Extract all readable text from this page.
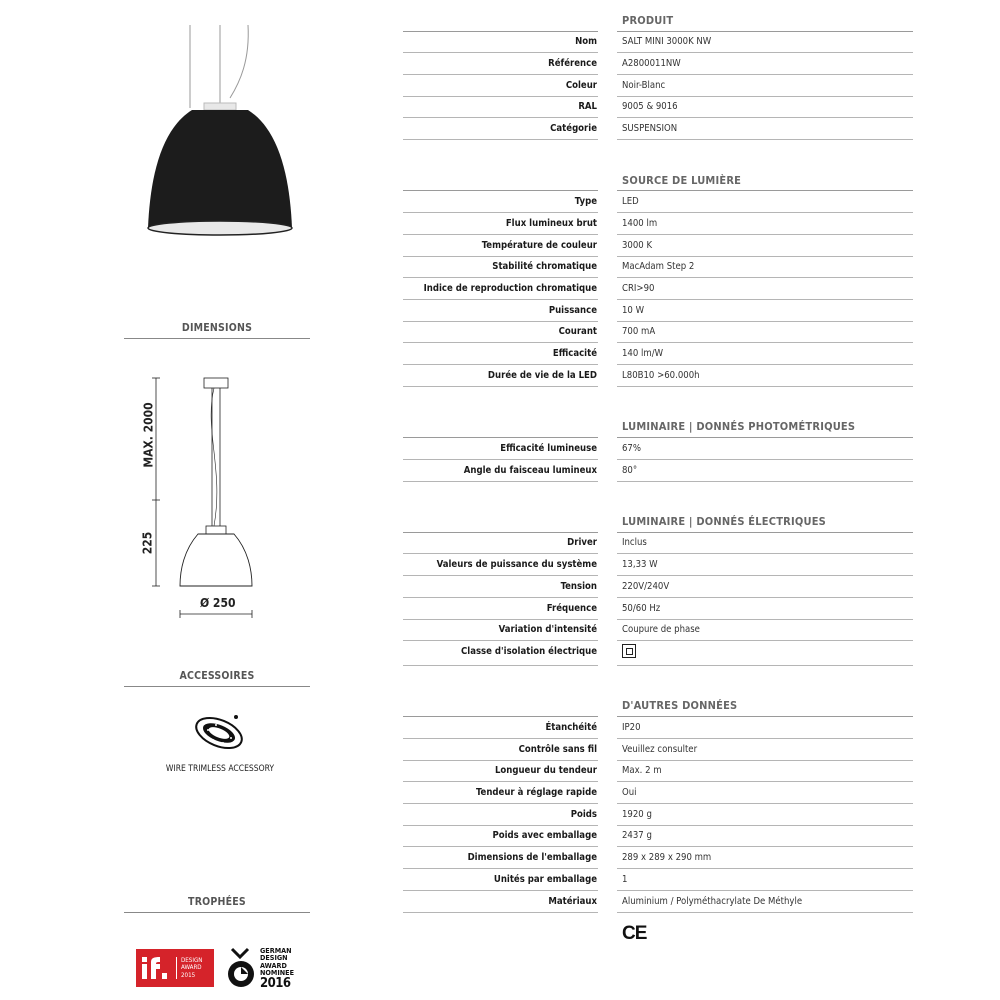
DIMENSIONS
MAX. 2000
225
Ø 250
ACCESSOIRES
WIRE TRIMLESS ACCESSORY
TROPHÉES
DESIGN
AWARD
2015
GERMAN
DESIGN
AWARD
NOMINEE
2016
PRODUIT
Nom	SALT MINI 3000K NW
Référence	A2800011NW
Coleur	Noir-Blanc
RAL	9005 & 9016
Catégorie	SUSPENSION
SOURCE DE LUMIÈRE
Type	LED
Flux lumineux brut	1400 lm
Température de couleur	3000 K
Stabilité chromatique	MacAdam Step 2
Indice de reproduction chromatique	CRI>90
Puissance	10 W
Courant	700 mA
Efficacité	140 lm/W
Durée de vie de la LED	L80B10 >60.000h
LUMINAIRE | DONNÉS PHOTOMÉTRIQUES
Efficacité lumineuse	67%
Angle du faisceau lumineux	80°
LUMINAIRE | DONNÉS ÉLECTRIQUES
Driver	Inclus
Valeurs de puissance du système	13,33 W
Tension	220V/240V
Fréquence	50/60 Hz
Variation d'intensité	Coupure de phase
Classe d'isolation électrique
D'AUTRES DONNÉES
Étanchéité	IP20
Contrôle sans fil	Veuillez consulter
Longueur du tendeur	Max. 2 m
Tendeur à réglage rapide	Oui
Poids	1920 g
Poids avec emballage	2437 g
Dimensions de l'emballage	289 x 289 x 290 mm
Unités par emballage	1
Matériaux	Aluminium / Polyméthacrylate De Méthyle
CE
